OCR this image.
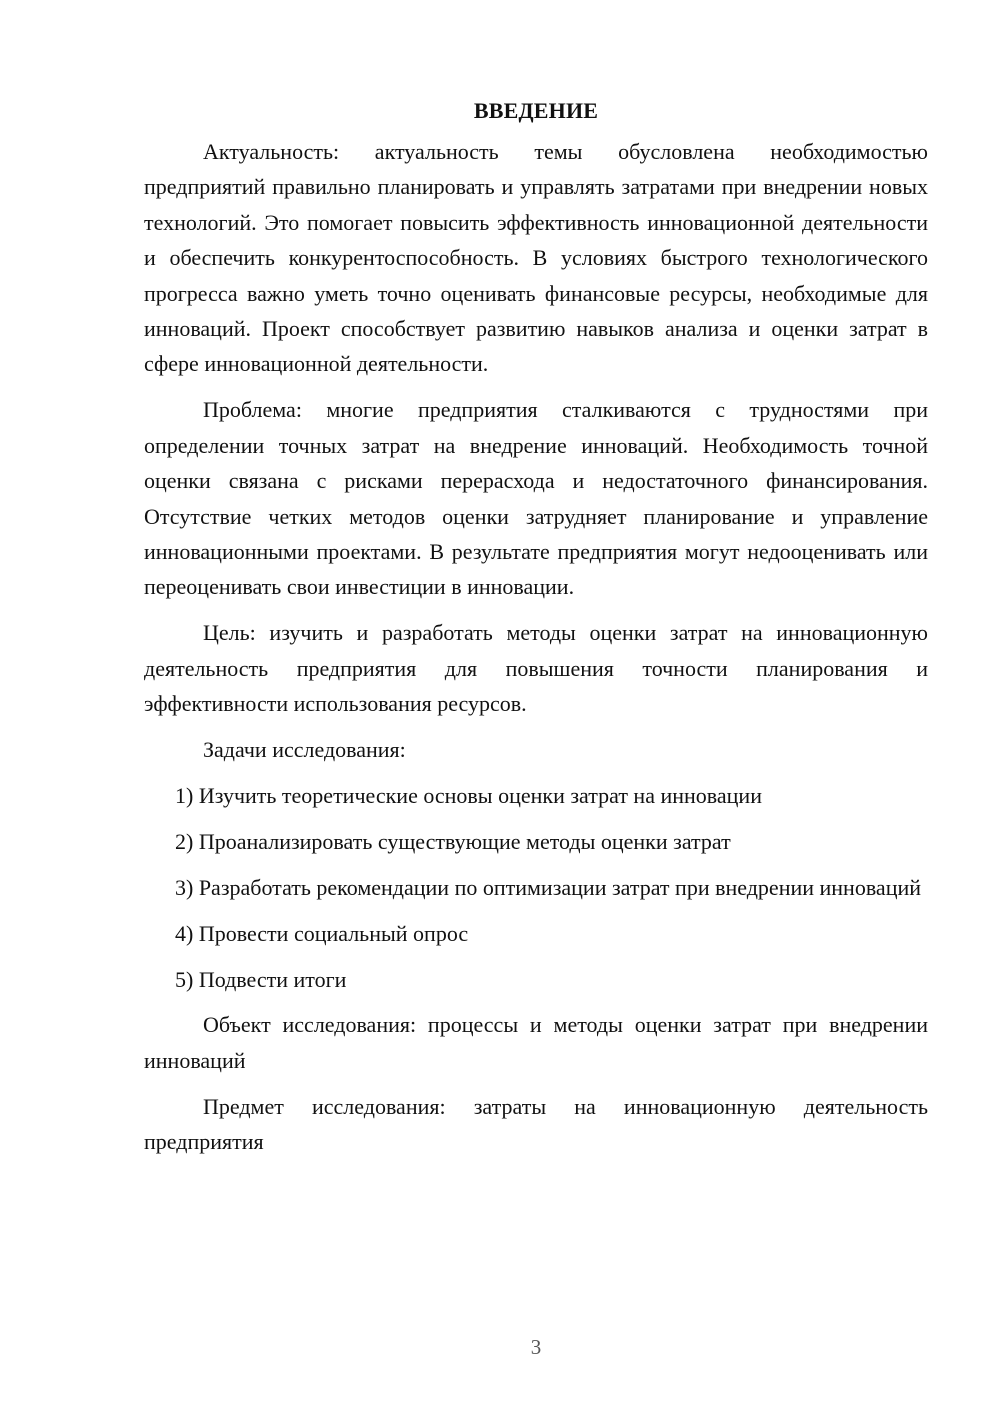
ВВЕДЕНИЕ

Актуальность: актуальность темы обусловлена необходимостью предприятий правильно планировать и управлять затратами при внедрении новых технологий. Это помогает повысить эффективность инновационной деятельности и обеспечить конкурентоспособность. В условиях быстрого технологического прогресса важно уметь точно оценивать финансовые ресурсы, необходимые для инноваций. Проект способствует развитию навыков анализа и оценки затрат в сфере инновационной деятельности.

Проблема: многие предприятия сталкиваются с трудностями при определении точных затрат на внедрение инноваций. Необходимость точной оценки связана с рисками перерасхода и недостаточного финансирования. Отсутствие четких методов оценки затрудняет планирование и управление инновационными проектами. В результате предприятия могут недооценивать или переоценивать свои инвестиции в инновации.

Цель: изучить и разработать методы оценки затрат на инновационную деятельность предприятия для повышения точности планирования и эффективности использования ресурсов.

Задачи исследования:

1) Изучить теоретические основы оценки затрат на инновации

2) Проанализировать существующие методы оценки затрат

3) Разработать рекомендации по оптимизации затрат при внедрении инноваций

4) Провести социальный опрос

5) Подвести итоги

Объект исследования: процессы и методы оценки затрат при внедрении инноваций

Предмет исследования: затраты на инновационную деятельность предприятия

3
